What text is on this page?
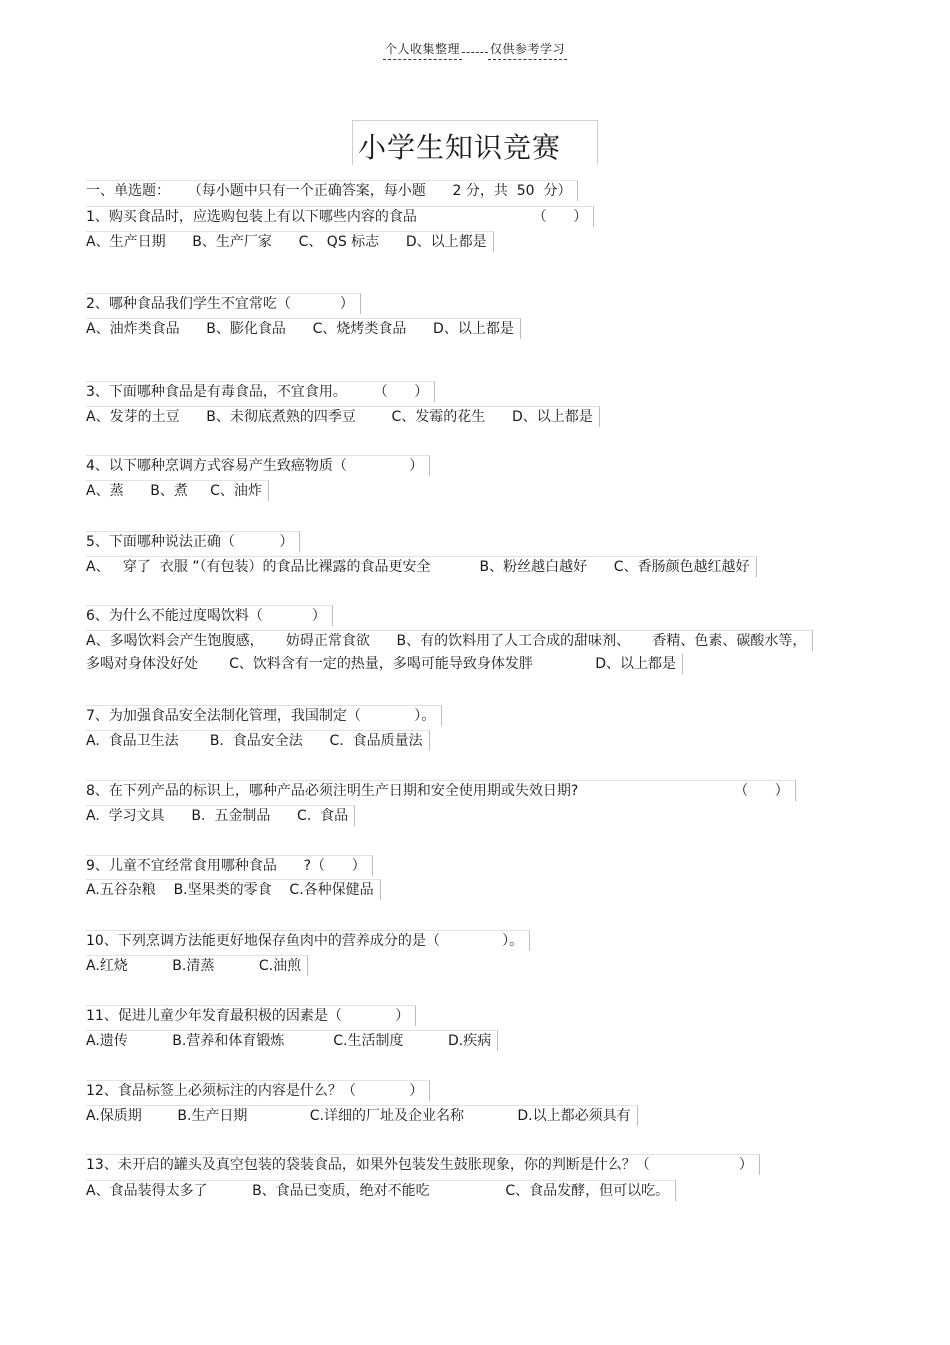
个人收集整理	仅供参考学习
小学生知识竞赛
一、单选题：    （每小题中只有一个正确答案，每小题      2 分，共  50  分）
1、购买食品时，应选购包装上有以下哪些内容的食品                          （      ）
A、生产日期      B、生产厂家      C、 QS 标志      D、以上都是
2、哪种食品我们学生不宜常吃（           ）
A、油炸类食品      B、膨化食品      C、烧烤类食品      D、以上都是
3、下面哪种食品是有毒食品，不宜食用。      （      ）
A、发芽的土豆      B、未彻底煮熟的四季豆        C、发霉的花生      D、以上都是
4、以下哪种烹调方式容易产生致癌物质（              ）
A、蒸      B、煮     C、油炸
5、下面哪种说法正确（          ）
A、   穿了  衣服 ”（有包装）的食品比裸露的食品更安全           B、粉丝越白越好      C、香肠颜色越红越好
6、为什么不能过度喝饮料（           ）
A、多喝饮料会产生饱腹感，     妨碍正常食欲      B、有的饮料用了人工合成的甜味剂、     香精、色素、碳酸水等，
多喝对身体没好处       C、饮料含有一定的热量，多喝可能导致身体发胖              D、以上都是
7、为加强食品安全法制化管理，我国制定（            ）。
A.  食品卫生法       B.  食品安全法      C.  食品质量法
8、在下列产品的标识上，哪种产品必须注明生产日期和安全使用期或失效日期?                                   （      ）
A.  学习文具      B.  五金制品      C.  食品
9、儿童不宜经常食用哪种食品      ?（      ）
A.五谷杂粮    B.坚果类的零食    C.各种保健品
10、下列烹调方法能更好地保存鱼肉中的营养成分的是（              ）。
A.红烧          B.清蒸          C.油煎
11、促进儿童少年发育最积极的因素是（            ）
A.遗传          B.营养和体育锻炼           C.生活制度          D.疾病
12、食品标签上必须标注的内容是什么？（            ）
A.保质期        B.生产日期              C.详细的厂址及企业名称            D.以上都必须具有
13、未开启的罐头及真空包装的袋装食品，如果外包装发生鼓胀现象，你的判断是什么？（                    ）
A、食品装得太多了          B、食品已变质，绝对不能吃                 C、食品发酵，但可以吃。
